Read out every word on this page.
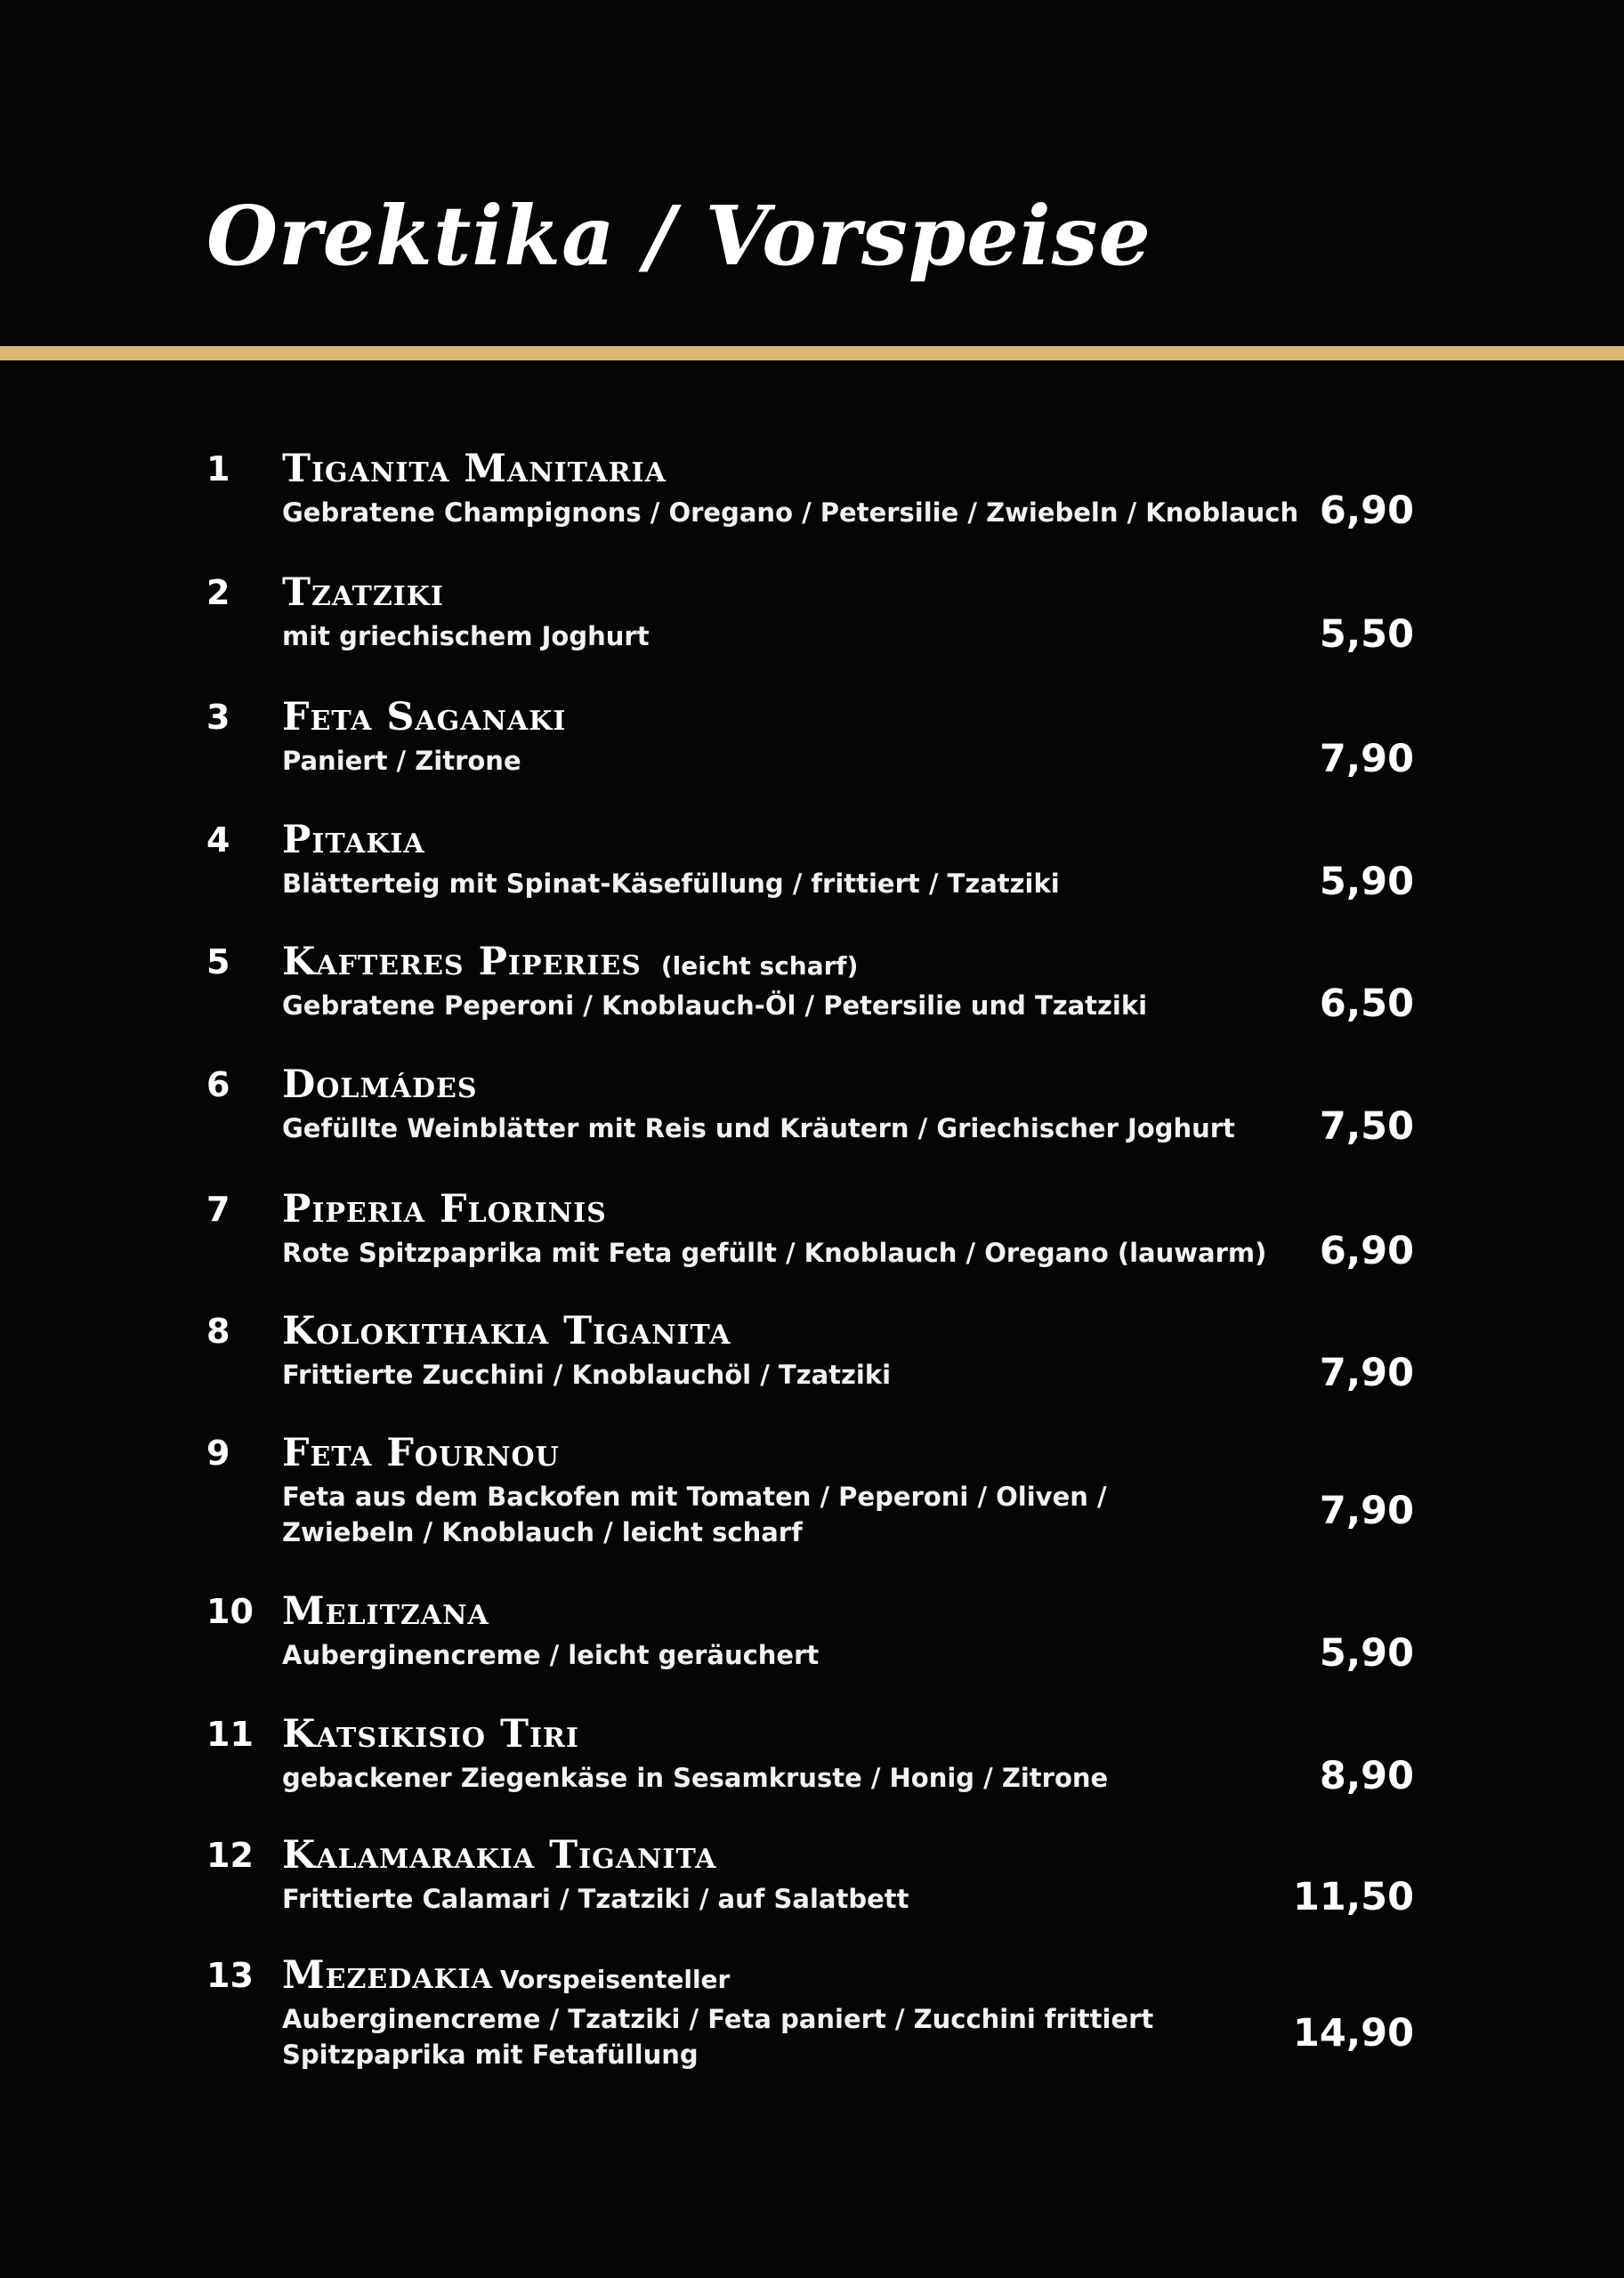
Orektika / Vorspeise
1 Tiganita Manitaria
Gebratene Champignons / Oregano / Petersilie / Zwiebeln / Knoblauch 6,90
2 Tzatziki
mit griechischem Joghurt	5,50
3 Feta Saganaki
Paniert / Zitrone	7,90
4 Pitakia
Blätterteig mit Spinat-Käsefüllung / frittiert / Tzatziki	5,90
5 Kafteres Piperies (leicht scharf)
Gebratene Peperoni / Knoblauch-Öl / Petersilie und Tzatziki	6,50
6 Dolmádes
Gefüllte Weinblätter mit Reis und Kräutern / Griechischer Joghurt	7,50
7 Piperia Florinis
Rote Spitzpaprika mit Feta gefüllt / Knoblauch / Oregano (lauwarm) 6,90
8 Kolokithakia Tiganita
Frittierte Zucchini / Knoblauchöl / Tzatziki	7,90
9 Feta Fournou
Feta aus dem Backofen mit Tomaten / Peperoni / Oliven /
Zwiebeln / Knoblauch / leicht scharf	7,90
10 Melitzana
Auberginencreme / leicht geräuchert	5,90
11 Katsikisio Tiri
gebackener Ziegenkäse in Sesamkruste / Honig / Zitrone	8,90
12 Kalamarakia Tiganita
Frittierte Calamari / Tzatziki / auf Salatbett	11,50
13 Mezedakia Vorspeisenteller
Auberginencreme / Tzatziki / Feta paniert / Zucchini frittiert
Spitzpaprika mit Fetafüllung	14,90
